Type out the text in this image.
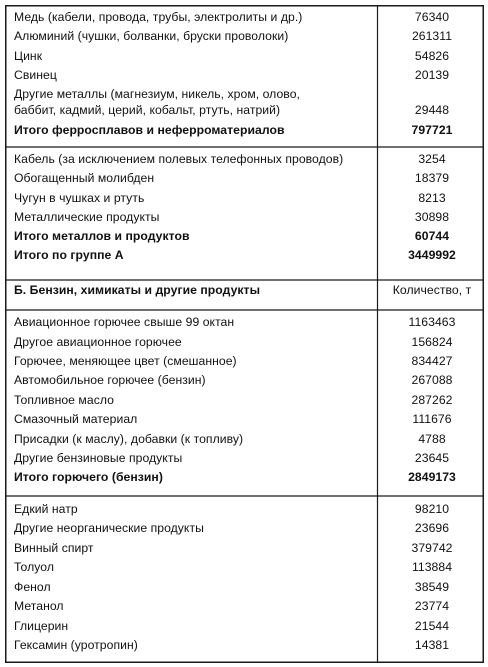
Медь (кабели, провода, трубы, электролиты и др.)	76340
Алюминий (чушки, болванки, бруски проволоки)	261311
Цинк	54826
Свинец	20139
Другие металлы (магнезиум, никель, хром, олово,
баббит, кадмий, церий, кобальт, ртуть, натрий)	29448
Итого ферросплавов и неферроматериалов	797721
Кабель (за исключением полевых телефонных проводов)	3254
Обогащенный молибден	18379
Чугун в чушках и ртуть	8213
Металлические продукты	30898
Итого металлов и продуктов	60744
Итого по группе А	3449992
Б. Бензин, химикаты и другие продукты	Количество, т
Авиационное горючее свыше 99 октан	1163463
Другое авиационное горючее	156824
Горючее, меняющее цвет (смешанное)	834427
Автомобильное горючее (бензин)	267088
Топливное масло	287262
Смазочный материал	111676
Присадки (к маслу), добавки (к топливу)	4788
Другие бензиновые продукты	23645
Итого горючего (бензин)	2849173
Едкий натр	98210
Другие неорганические продукты	23696
Винный спирт	379742
Толуол	113884
Фенол	38549
Метанол	23774
Глицерин	21544
Гексамин (уротропин)	14381
